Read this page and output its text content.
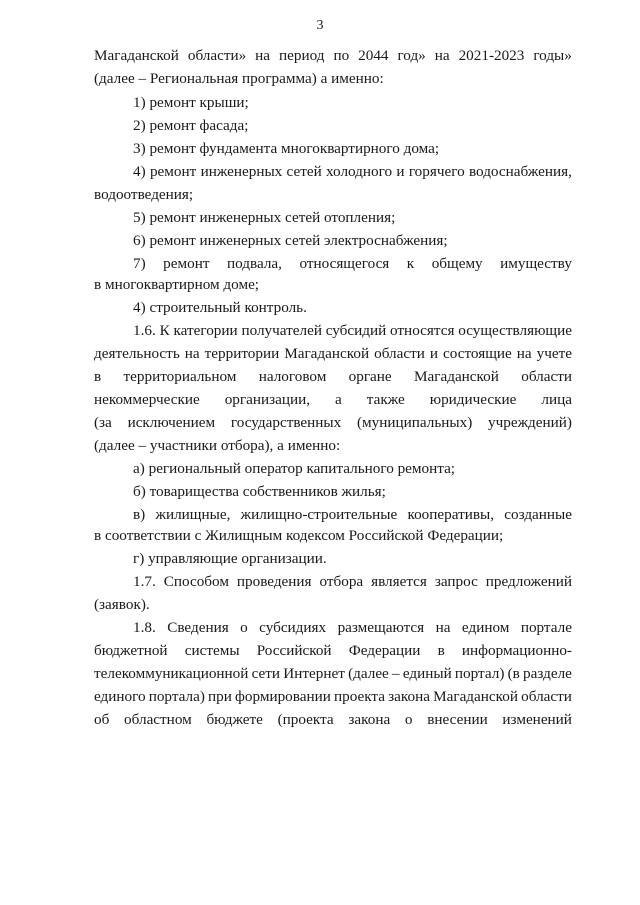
3
Магаданской области» на период по 2044 год» на 2021-2023 годы»
(далее – Региональная программа) а именно:
1) ремонт крыши;
2) ремонт фасада;
3) ремонт фундамента многоквартирного дома;
4) ремонт инженерных сетей холодного и горячего водоснабжения,
водоотведения;
5) ремонт инженерных сетей отопления;
6) ремонт инженерных сетей электроснабжения;
7) ремонт подвала, относящегося к общему имуществу
в многоквартирном доме;
4) строительный контроль.
1.6. К категории получателей субсидий относятся осуществляющие
деятельность на территории Магаданской области и состоящие на учете
в территориальном налоговом органе Магаданской области
некоммерческие организации, а также юридические лица
(за исключением государственных (муниципальных) учреждений)
(далее – участники отбора), а именно:
а) региональный оператор капитального ремонта;
б) товарищества собственников жилья;
в) жилищные, жилищно-строительные кооперативы, созданные
в соответствии с Жилищным кодексом Российской Федерации;
г) управляющие организации.
1.7. Способом проведения отбора является запрос предложений
(заявок).
1.8. Сведения о субсидиях размещаются на едином портале
бюджетной системы Российской Федерации в информационно-
телекоммуникационной сети Интернет (далее – единый портал) (в разделе
единого портала) при формировании проекта закона Магаданской области
об областном бюджете (проекта закона о внесении изменений
